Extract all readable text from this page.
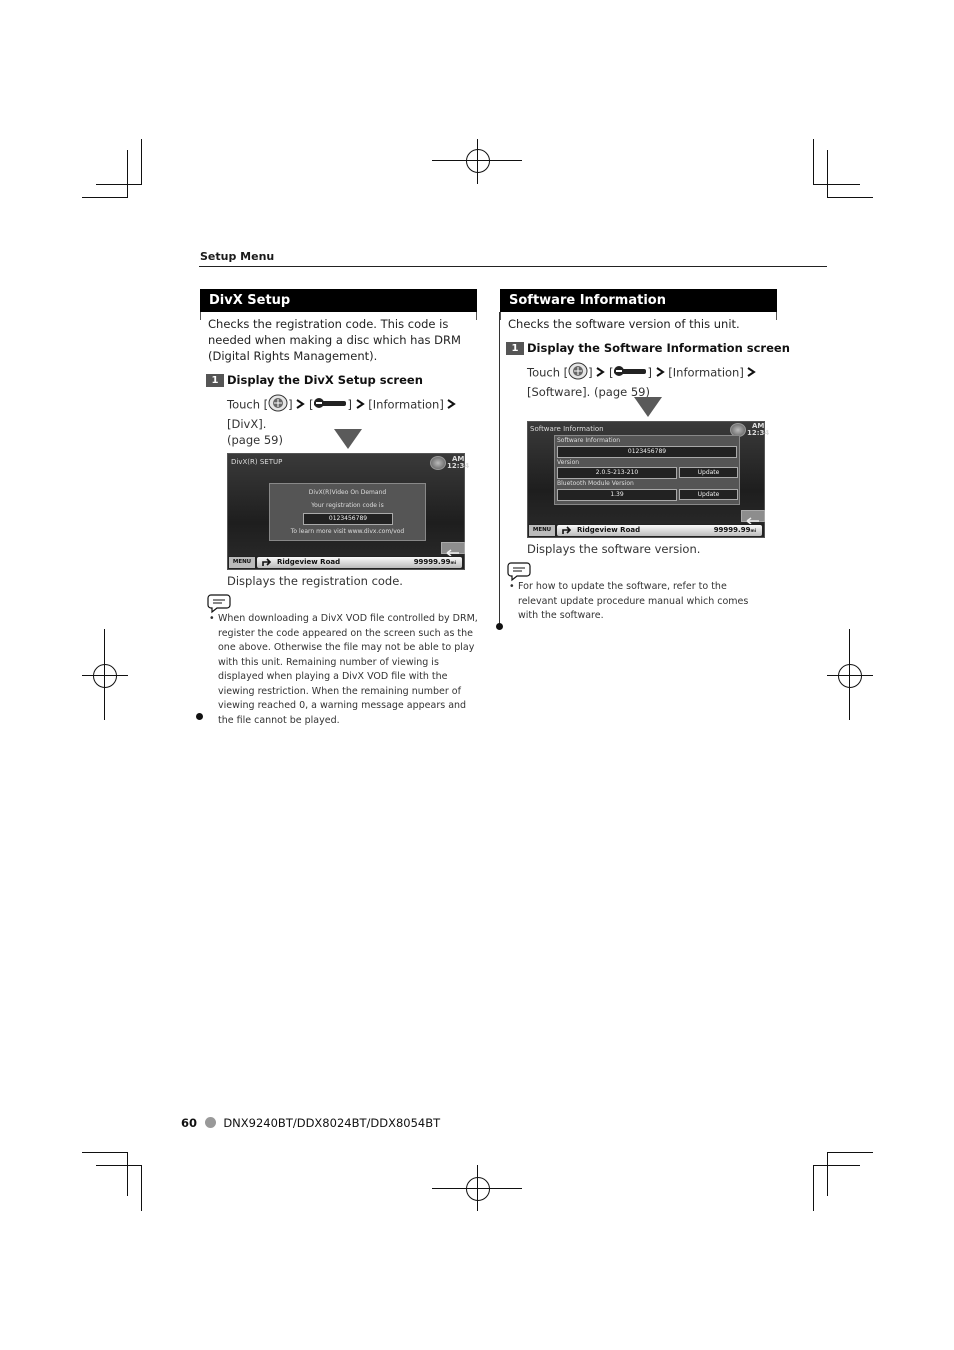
Setup Menu
DivX Setup
Checks the registration code. This code is needed when making a disc which has DRM (Digital Rights Management).
1 Display the DivX Setup screen
Touch [ ]  [	]  [Information]  [DivX].
(page 59)
DivX(R) SETUP	AM
12:34
DivX(R)Video On Demand
Your registration code is
0123456789
To learn more visit www.divx.com/vod
MENU	Ridgeview Road	99999.99mi
Displays the registration code.
• When downloading a DivX VOD file controlled by DRM, register the code appeared on the screen such as the one above. Otherwise the file may not be able to play with this unit. Remaining number of viewing is displayed when playing a DivX VOD file with the viewing restriction. When the remaining number of viewing reached 0, a warning message appears and the file cannot be played.
Software Information
Checks the software version of this unit.
1 Display the Software Information screen
Touch [ ]  [	]  [Information]
[Software]. (page 59)
Software Information	AM
12:34
Software Information
0123456789
Version
2.0.5-213-210	Update
Bluetooth Module Version
1.39	Update
MENU	Ridgeview Road	99999.99mi
Displays the software version.
• For how to update the software, refer to the relevant update procedure manual which comes with the software.
60 DNX9240BT/DDX8024BT/DDX8054BT
